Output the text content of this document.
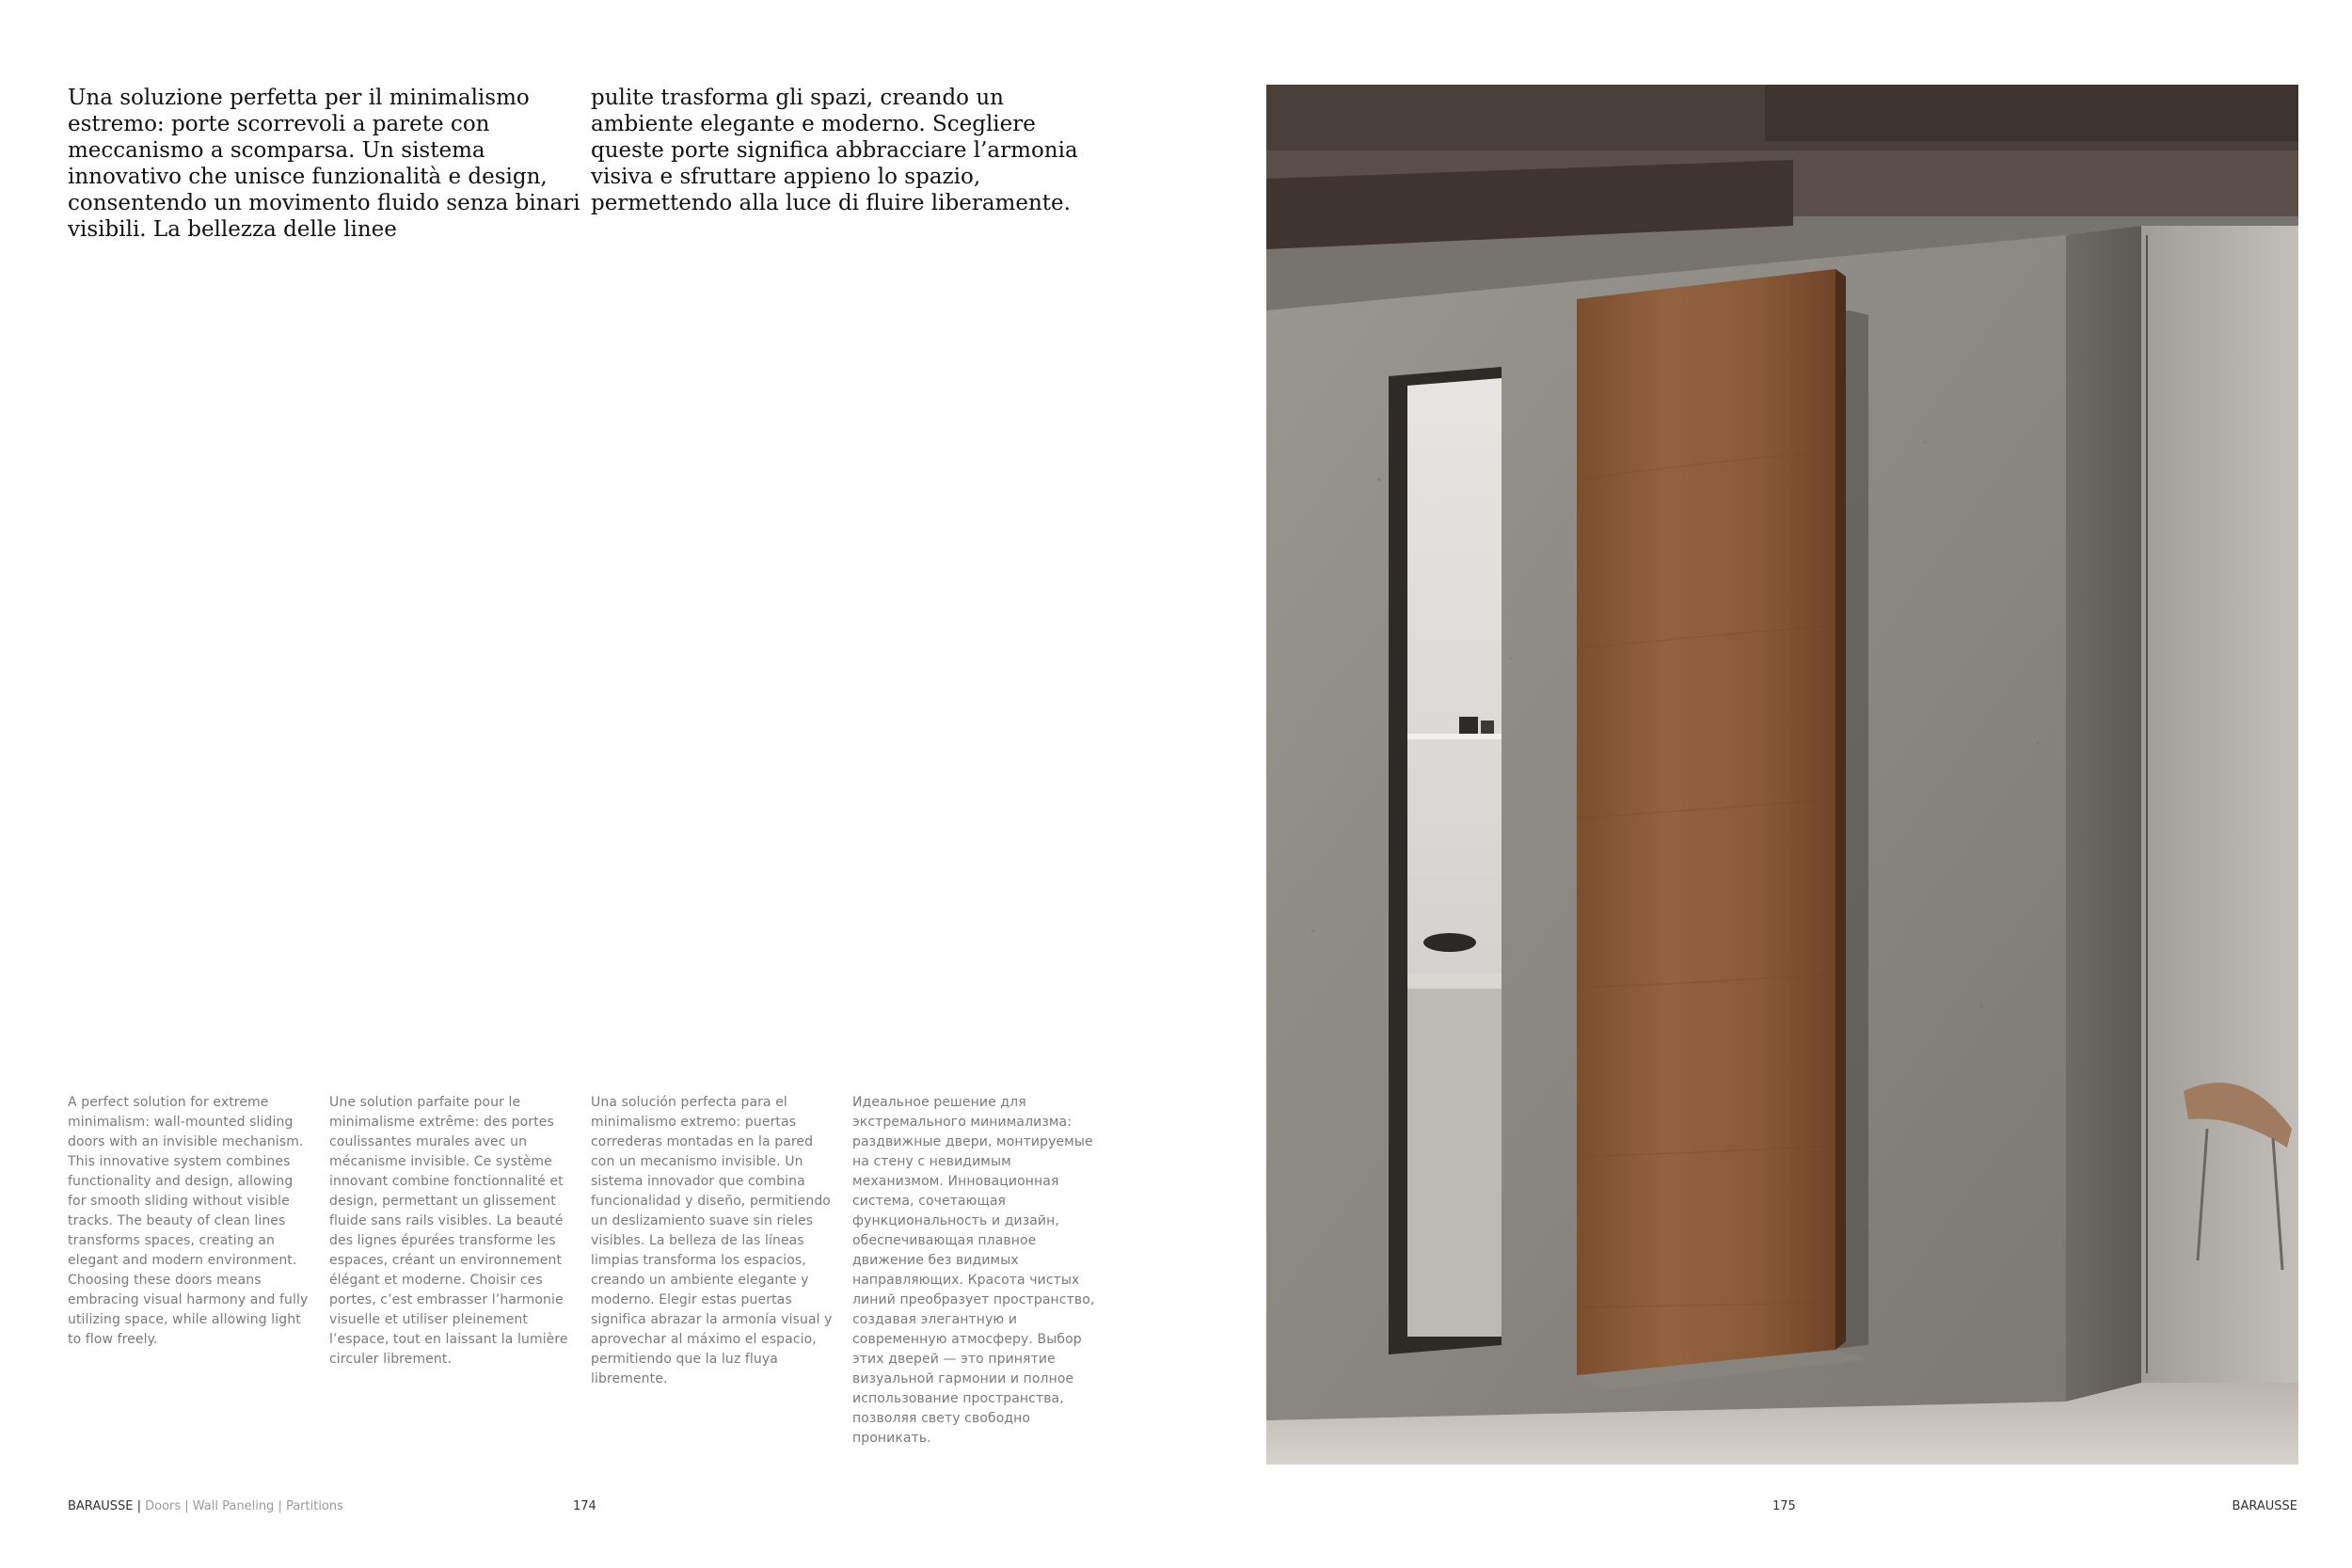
Una soluzione perfetta per il minimalismo estremo: porte scorrevoli a parete con meccanismo a scomparsa. Un sistema innovativo che unisce funzionalità e design, consentendo un movimento fluido senza binari visibili. La bellezza delle linee

pulite trasforma gli spazi, creando un ambiente elegante e moderno. Scegliere queste porte significa abbracciare l’armonia visiva e sfruttare appieno lo spazio, permettendo alla luce di fluire liberamente.

A perfect solution for extreme minimalism: wall-mounted sliding doors with an invisible mechanism. This innovative system combines functionality and design, allowing for smooth sliding without visible tracks. The beauty of clean lines transforms spaces, creating an elegant and modern environment. Choosing these doors means embracing visual harmony and fully utilizing space, while allowing light to flow freely.

Une solution parfaite pour le minimalisme extrême: des portes coulissantes murales avec un mécanisme invisible. Ce système innovant combine fonctionnalité et design, permettant un glissement fluide sans rails visibles. La beauté des lignes épurées transforme les espaces, créant un environnement élégant et moderne. Choisir ces portes, c’est embrasser l’harmonie visuelle et utiliser pleinement l’espace, tout en laissant la lumière circuler librement.

Una solución perfecta para el minimalismo extremo: puertas correderas montadas en la pared con un mecanismo invisible. Un sistema innovador que combina funcionalidad y diseño, permitiendo un deslizamiento suave sin rieles visibles. La belleza de las líneas limpias transforma los espacios, creando un ambiente elegante y moderno. Elegir estas puertas significa abrazar la armonía visual y aprovechar al máximo el espacio, permitiendo que la luz fluya libremente.

Идеальное решение для экстремального минимализма: раздвижные двери, монтируемые на стену с невидимым механизмом. Инновационная система, сочетающая функциональность и дизайн, обеспечивающая плавное движение без видимых направляющих. Красота чистых линий преобразует пространство, создавая элегантную и современную атмосферу. Выбор этих дверей — это принятие визуальной гармонии и полное использование пространства, позволяя свету свободно проникать.

BARAUSSE | Doors | Wall Paneling | Partitions	174	175	BARAUSSE
